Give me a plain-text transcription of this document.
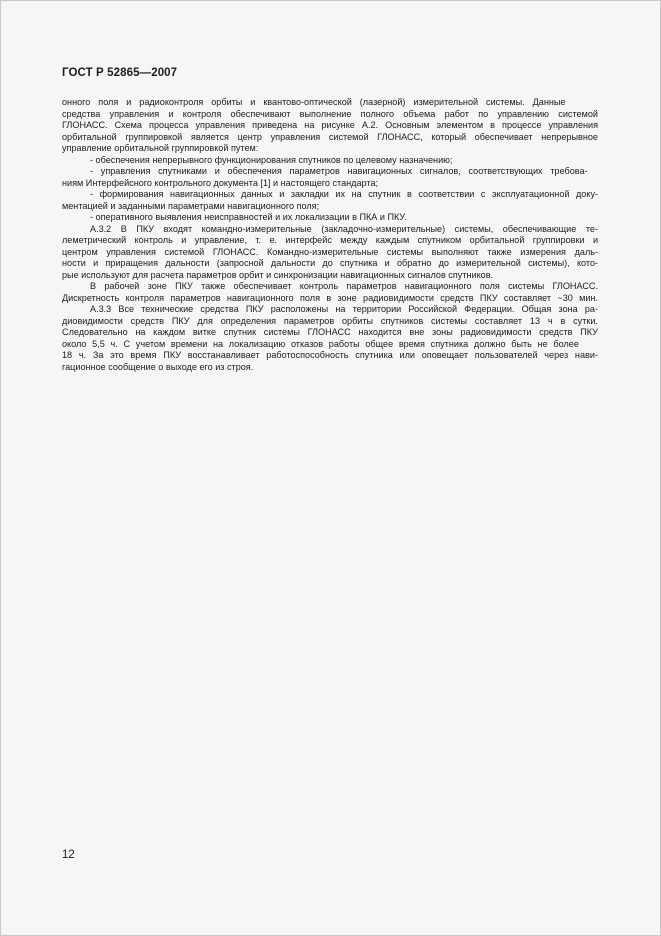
ГОСТ Р 52865—2007
онного поля и радиоконтроля орбиты и квантово-оптической (лазерной) измерительной системы. Данные
средства управления и контроля обеспечивают выполнение полного объема работ по управлению системой
ГЛОНАСС. Схема процесса управления приведена на рисунке А.2. Основным элементом в процессе управления
орбитальной группировкой является центр управления системой ГЛОНАСС, который обеспечивает непрерывное
управление орбитальной группировкой путем:
- обеспечения непрерывного функционирования спутников по целевому назначению;
- управления спутниками и обеспечения параметров навигационных сигналов, соответствующих требова-
ниям Интерфейсного контрольного документа [1] и настоящего стандарта;
- формирования навигационных данных и закладки их на спутник в соответствии с эксплуатационной доку-
ментацией и заданными параметрами навигационного поля;
- оперативного выявления неисправностей и их локализации в ПКА и ПКУ.
А.3.2 В ПКУ входят командно-измерительные (закладочно-измерительные) системы, обеспечивающие те-
леметрический контроль и управление, т. е. интерфейс между каждым спутником орбитальной группировки и
центром управления системой ГЛОНАСС. Командно-измерительные системы выполняют также измерения даль-
ности и приращения дальности (запросной дальности до спутника и обратно до измерительной системы), кото-
рые используют для расчета параметров орбит и синхронизации навигационных сигналов спутников.
В рабочей зоне ПКУ также обеспечивает контроль параметров навигационного поля системы ГЛОНАСС.
Дискретность контроля параметров навигационного поля в зоне радиовидимости средств ПКУ составляет ~30 мин.
А.3.3 Все технические средства ПКУ расположены на территории Российской Федерации. Общая зона ра-
диовидимости средств ПКУ для определения параметров орбиты спутников системы составляет 13 ч в сутки.
Следовательно на каждом витке спутник системы ГЛОНАСС находится вне зоны радиовидимости средств ПКУ
около 5,5 ч. С учетом времени на локализацию отказов работы общее время спутника должно быть не более
18 ч. За это время ПКУ восстанавливает работоспособность спутника или оповещает пользователей через нави-
гационное сообщение о выходе его из строя.
12
